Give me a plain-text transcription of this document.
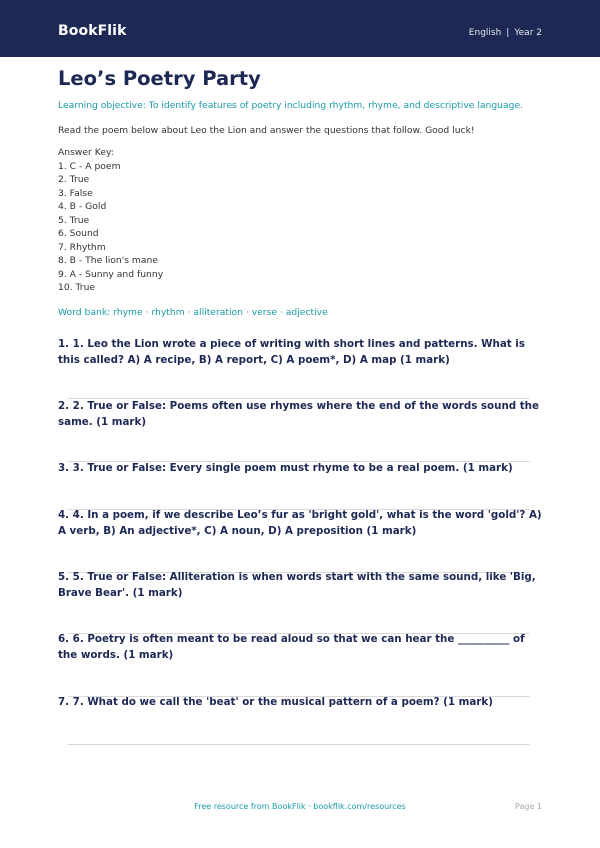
BookFlik	English | Year 2
Leo’s Poetry Party
Learning objective: To identify features of poetry including rhythm, rhyme, and descriptive language.
Read the poem below about Leo the Lion and answer the questions that follow. Good luck!
Answer Key:
1. C - A poem
2. True
3. False
4. B - Gold
5. True
6. Sound
7. Rhythm
8. B - The lion's mane
9. A - Sunny and funny
10. True
Word bank: rhyme · rhythm · alliteration · verse · adjective
1. 1. Leo the Lion wrote a piece of writing with short lines and patterns. What is this called? A) A recipe, B) A report, C) A poem*, D) A map (1 mark)
2. 2. True or False: Poems often use rhymes where the end of the words sound the same. (1 mark)
3. 3. True or False: Every single poem must rhyme to be a real poem. (1 mark)
4. 4. In a poem, if we describe Leo’s fur as 'bright gold', what is the word 'gold'? A) A verb, B) An adjective*, C) A noun, D) A preposition (1 mark)
5. 5. True or False: Alliteration is when words start with the same sound, like 'Big, Brave Bear'. (1 mark)
6. 6. Poetry is often meant to be read aloud so that we can hear the __________ of the words. (1 mark)
7. 7. What do we call the 'beat' or the musical pattern of a poem? (1 mark)
Free resource from BookFlik · bookflik.com/resources	Page 1
